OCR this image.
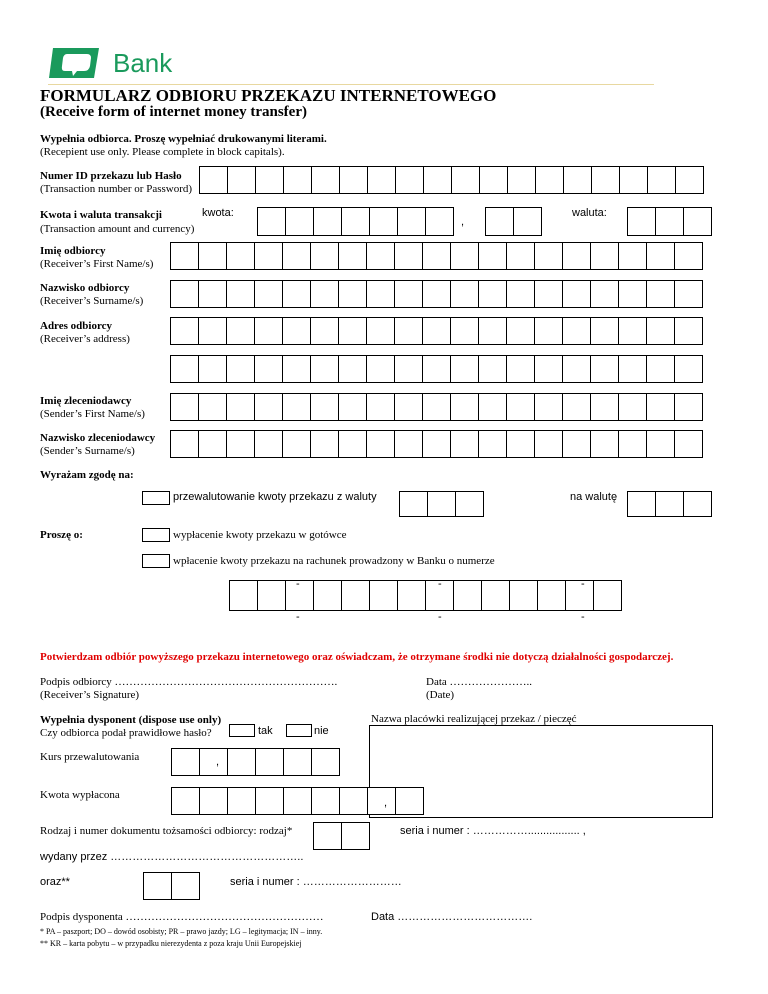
Bank
FORMULARZ ODBIORU PRZEKAZU INTERNETOWEGO
(Receive form of internet money transfer)
Wypełnia odbiorca. Proszę wypełniać drukowanymi literami.
(Recepient use only. Please complete in block capitals).
Numer ID przekazu lub Hasło
(Transaction number or Password)
Kwota i waluta transakcji
(Transaction amount and currency)
kwota:
,
waluta:
Imię odbiorcy
(Receiver’s First Name/s)
Nazwisko odbiorcy
(Receiver’s Surname/s)
Adres odbiorcy
(Receiver’s address)
Imię zleceniodawcy
(Sender’s First Name/s)
Nazwisko zleceniodawcy
(Sender’s Surname/s)
Wyrażam zgodę na:
przewalutowanie kwoty przekazu z waluty	na walutę
Proszę o:	wypłacenie kwoty przekazu w gotówce
wpłacenie kwoty przekazu na rachunek prowadzony w Banku o numerze
-	-	-
-	-	-
Potwierdzam odbiór powyższego przekazu internetowego oraz oświadczam, że otrzymane środki nie dotyczą działalności gospodarczej.
Podpis odbiorcy …………………………………………………….
(Receiver’s Signature)
Data …………………..
(Date)
Wypełnia dysponent (dispose use only)
Czy odbiorca podał prawidłowe hasło?	tak	nie
Nazwa placówki realizującej przekaz / pieczęć
Kurs przewalutowania	,
Kwota wypłacona
,
Rodzaj i numer dokumentu tożsamości odbiorcy: rodzaj*	seria i numer : ……………................. ,
wydany przez ……………………………………………..
oraz**	seria i numer : ………………………
Podpis dysponenta ………………………………………………	Data ……………………………….
* PA – paszport; DO – dowód osobisty; PR – prawo jazdy; LG – legitymacja; IN – inny.
** KR – karta pobytu – w przypadku nierezydenta z poza kraju Unii Europejskiej
